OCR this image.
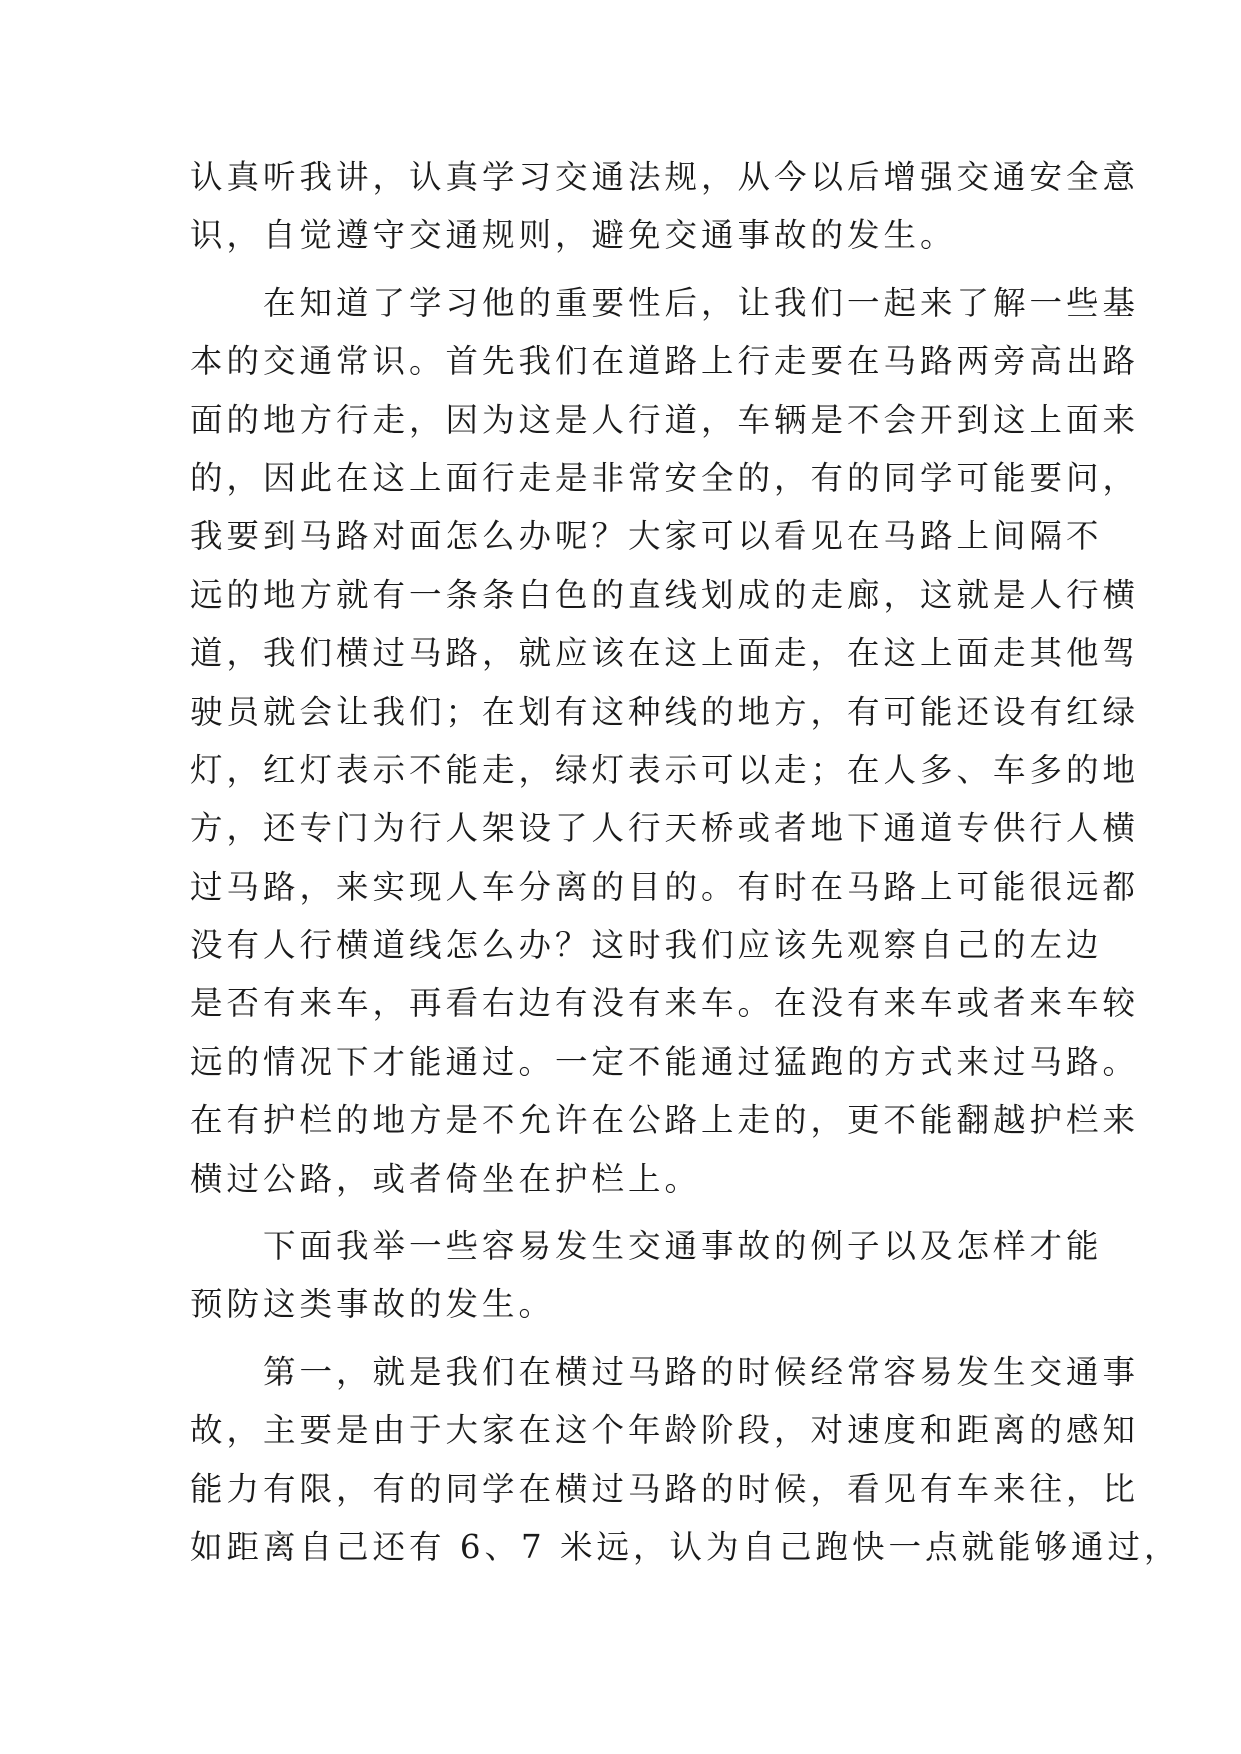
认真听我讲，认真学习交通法规，从今以后增强交通安全意
识，自觉遵守交通规则，避免交通事故的发生。
　　在知道了学习他的重要性后，让我们一起来了解一些基
本的交通常识。首先我们在道路上行走要在马路两旁高出路
面的地方行走，因为这是人行道，车辆是不会开到这上面来
的，因此在这上面行走是非常安全的，有的同学可能要问，
我要到马路对面怎么办呢？大家可以看见在马路上间隔不
远的地方就有一条条白色的直线划成的走廊，这就是人行横
道，我们横过马路，就应该在这上面走，在这上面走其他驾
驶员就会让我们；在划有这种线的地方，有可能还设有红绿
灯，红灯表示不能走，绿灯表示可以走；在人多、车多的地
方，还专门为行人架设了人行天桥或者地下通道专供行人横
过马路，来实现人车分离的目的。有时在马路上可能很远都
没有人行横道线怎么办？这时我们应该先观察自己的左边
是否有来车，再看右边有没有来车。在没有来车或者来车较
远的情况下才能通过。一定不能通过猛跑的方式来过马路。
在有护栏的地方是不允许在公路上走的，更不能翻越护栏来
横过公路，或者倚坐在护栏上。
　　下面我举一些容易发生交通事故的例子以及怎样才能
预防这类事故的发生。
　　第一，就是我们在横过马路的时候经常容易发生交通事
故，主要是由于大家在这个年龄阶段，对速度和距离的感知
能力有限，有的同学在横过马路的时候，看见有车来往，比
如距离自己还有 6、7 米远，认为自己跑快一点就能够通过，
